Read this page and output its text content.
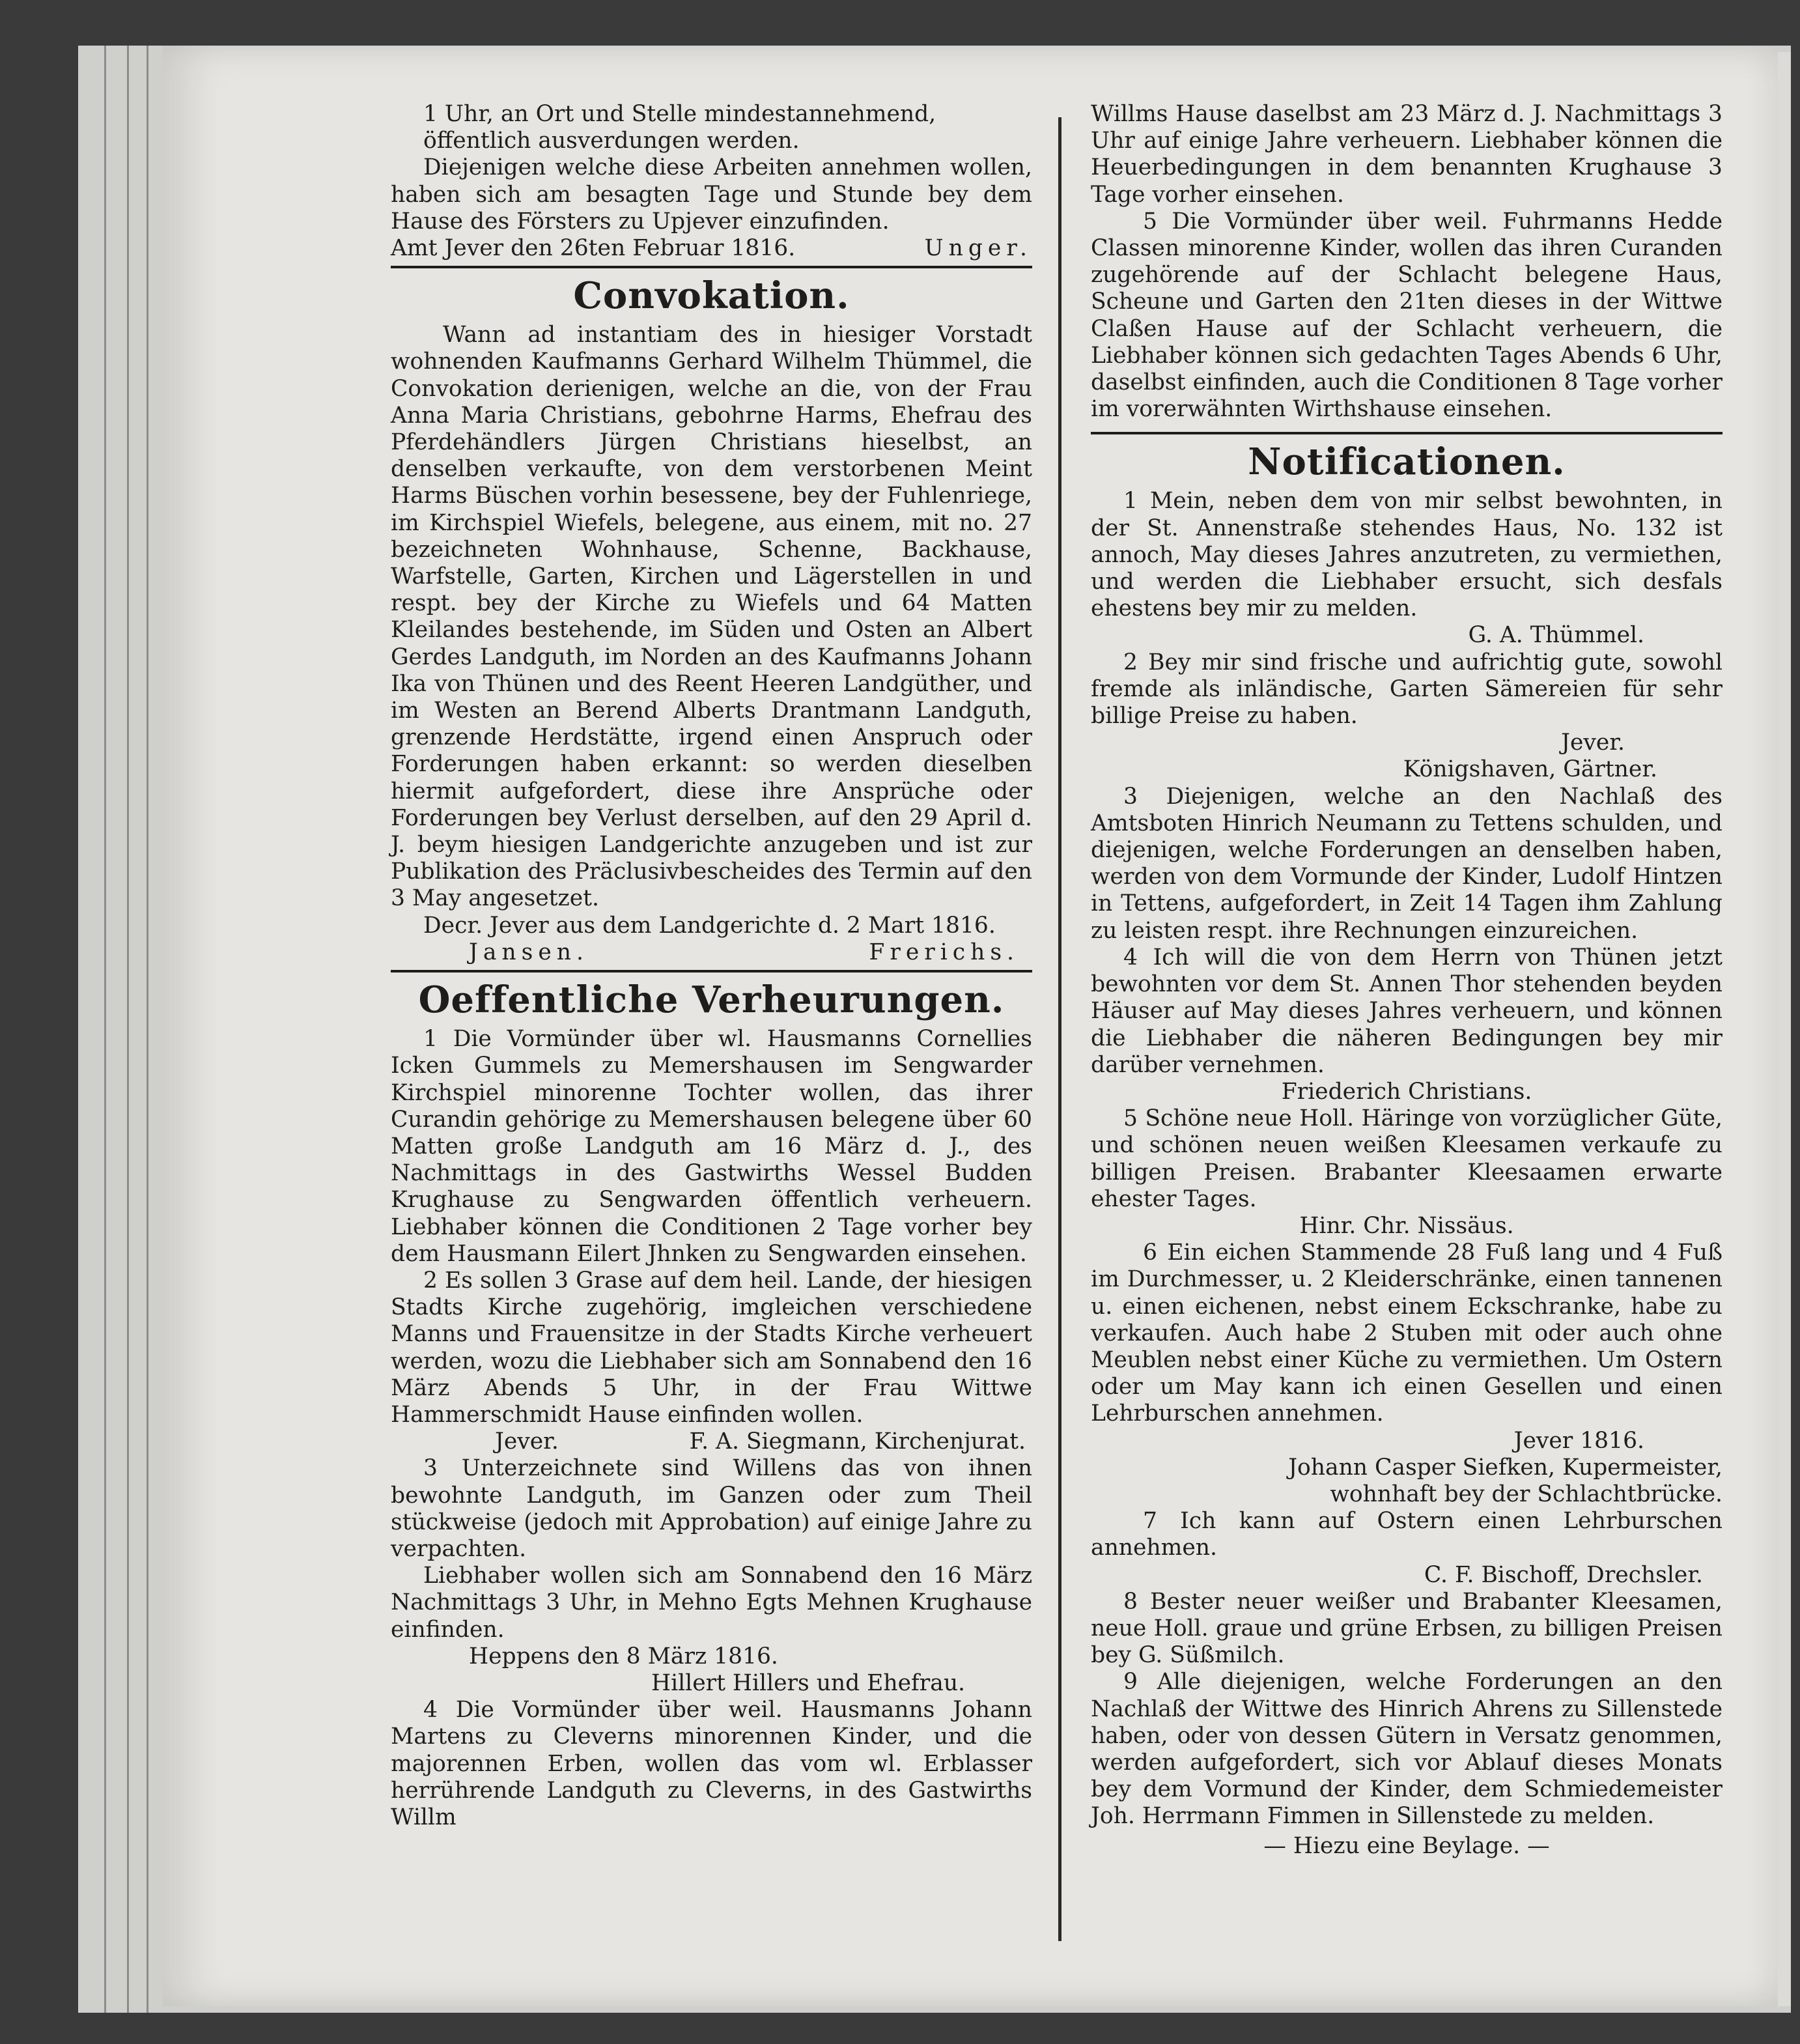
1 Uhr, an Ort und Stelle mindestannehmend,

öffentlich ausverdungen werden.

Diejenigen welche diese Arbeiten annehmen wollen, haben sich am besagten Tage und Stunde bey dem Hause des Försters zu Upjever einzufinden.

Amt Jever den 26ten Februar 1816.	Unger.
Convokation.

Wann ad instantiam des in hiesiger Vorstadt wohnenden Kaufmanns Gerhard Wilhelm Thümmel, die Convokation derienigen, welche an die, von der Frau Anna Maria Christians, gebohrne Harms, Ehefrau des Pferdehändlers Jürgen Christians hieselbst, an denselben verkaufte, von dem verstorbenen Meint Harms Büschen vorhin besessene, bey der Fuhlenriege, im Kirchspiel Wiefels, belegene, aus einem, mit no. 27 bezeichneten Wohnhause, Schenne, Backhause, Warfstelle, Garten, Kirchen und Lägerstellen in und respt. bey der Kirche zu Wiefels und 64 Matten Kleilandes bestehende, im Süden und Osten an Albert Gerdes Landguth, im Norden an des Kaufmanns Johann Ika von Thünen und des Reent Heeren Landgüther, und im Westen an Berend Alberts Drantmann Landguth, grenzende Herdstätte, irgend einen Anspruch oder Forderungen haben erkannt: so werden dieselben hiermit aufgefordert, diese ihre Ansprüche oder Forderungen bey Verlust derselben, auf den 29 April d. J. beym hiesigen Landgerichte anzugeben und ist zur Publikation des Präclusivbescheides des Termin auf den 3 May angesetzet.

Decr. Jever aus dem Landgerichte d. 2 Mart 1816.

Jansen.	Frerichs.
Oeffentliche Verheurungen.

1 Die Vormünder über wl. Hausmanns Cornellies Icken Gummels zu Memershausen im Sengwarder Kirchspiel minorenne Tochter wollen, das ihrer Curandin gehörige zu Memershausen belegene über 60 Matten große Landguth am 16 März d. J., des Nachmittags in des Gastwirths Wessel Budden Krughause zu Sengwarden öffentlich verheuern. Liebhaber können die Conditionen 2 Tage vorher bey dem Hausmann Eilert Jhnken zu Sengwarden einsehen.

2 Es sollen 3 Grase auf dem heil. Lande, der hiesigen Stadts Kirche zugehörig, imgleichen verschiedene Manns und Frauensitze in der Stadts Kirche verheuert werden, wozu die Liebhaber sich am Sonnabend den 16 März Abends 5 Uhr, in der Frau Wittwe Hammerschmidt Hause einfinden wollen.

Jever.	F. A. Siegmann, Kirchenjurat.

3 Unterzeichnete sind Willens das von ihnen bewohnte Landguth, im Ganzen oder zum Theil stückweise (jedoch mit Approbation) auf einige Jahre zu verpachten.

Liebhaber wollen sich am Sonnabend den 16 März Nachmittags 3 Uhr, in Mehno Egts Mehnen Krughause einfinden.

Heppens den 8 März 1816.

Hillert Hillers und Ehefrau.

4 Die Vormünder über weil. Hausmanns Johann Martens zu Cleverns minorennen Kinder, und die majorennen Erben, wollen das vom wl. Erblasser herrührende Landguth zu Cleverns, in des Gastwirths Willm

Willms Hause daselbst am 23 März d. J. Nachmittags 3 Uhr auf einige Jahre verheuern. Liebhaber können die Heuerbedingungen in dem benannten Krughause 3 Tage vorher einsehen.

5 Die Vormünder über weil. Fuhrmanns Hedde Classen minorenne Kinder, wollen das ihren Curanden zugehörende auf der Schlacht belegene Haus, Scheune und Garten den 21ten dieses in der Wittwe Claßen Hause auf der Schlacht verheuern, die Liebhaber können sich gedachten Tages Abends 6 Uhr, daselbst einfinden, auch die Conditionen 8 Tage vorher im vorerwähnten Wirthshause einsehen.

Notificationen.

1 Mein, neben dem von mir selbst bewohnten, in der St. Annenstraße stehendes Haus, No. 132 ist annoch, May dieses Jahres anzutreten, zu vermiethen, und werden die Liebhaber ersucht, sich desfals ehestens bey mir zu melden.

G. A. Thümmel.

2 Bey mir sind frische und aufrichtig gute, sowohl fremde als inländische, Garten Sämereien für sehr billige Preise zu haben.

Jever.

Königshaven, Gärtner.

3 Diejenigen, welche an den Nachlaß des Amtsboten Hinrich Neumann zu Tettens schulden, und diejenigen, welche Forderungen an denselben haben, werden von dem Vormunde der Kinder, Ludolf Hintzen in Tettens, aufgefordert, in Zeit 14 Tagen ihm Zahlung zu leisten respt. ihre Rechnungen einzureichen.

4 Ich will die von dem Herrn von Thünen jetzt bewohnten vor dem St. Annen Thor stehenden beyden Häuser auf May dieses Jahres verheuern, und können die Liebhaber die näheren Bedingungen bey mir darüber vernehmen.

Friederich Christians.

5 Schöne neue Holl. Häringe von vorzüglicher Güte, und schönen neuen weißen Kleesamen verkaufe zu billigen Preisen. Brabanter Kleesaamen erwarte ehester Tages.

Hinr. Chr. Nissäus.

6 Ein eichen Stammende 28 Fuß lang und 4 Fuß im Durchmesser, u. 2 Kleiderschränke, einen tannenen u. einen eichenen, nebst einem Eckschranke, habe zu verkaufen. Auch habe 2 Stuben mit oder auch ohne Meublen nebst einer Küche zu vermiethen. Um Ostern oder um May kann ich einen Gesellen und einen Lehrburschen annehmen.

Jever 1816.

Johann Casper Siefken, Kupermeister,

wohnhaft bey der Schlachtbrücke.

7 Ich kann auf Ostern einen Lehrburschen annehmen.

C. F. Bischoff, Drechsler.

8 Bester neuer weißer und Brabanter Kleesamen, neue Holl. graue und grüne Erbsen, zu billigen Preisen bey G. Süßmilch.

9 Alle diejenigen, welche Forderungen an den Nachlaß der Wittwe des Hinrich Ahrens zu Sillenstede haben, oder von dessen Gütern in Versatz genommen, werden aufgefordert, sich vor Ablauf dieses Monats bey dem Vormund der Kinder, dem Schmiedemeister Joh. Herrmann Fimmen in Sillenstede zu melden.

— Hiezu eine Beylage. —
